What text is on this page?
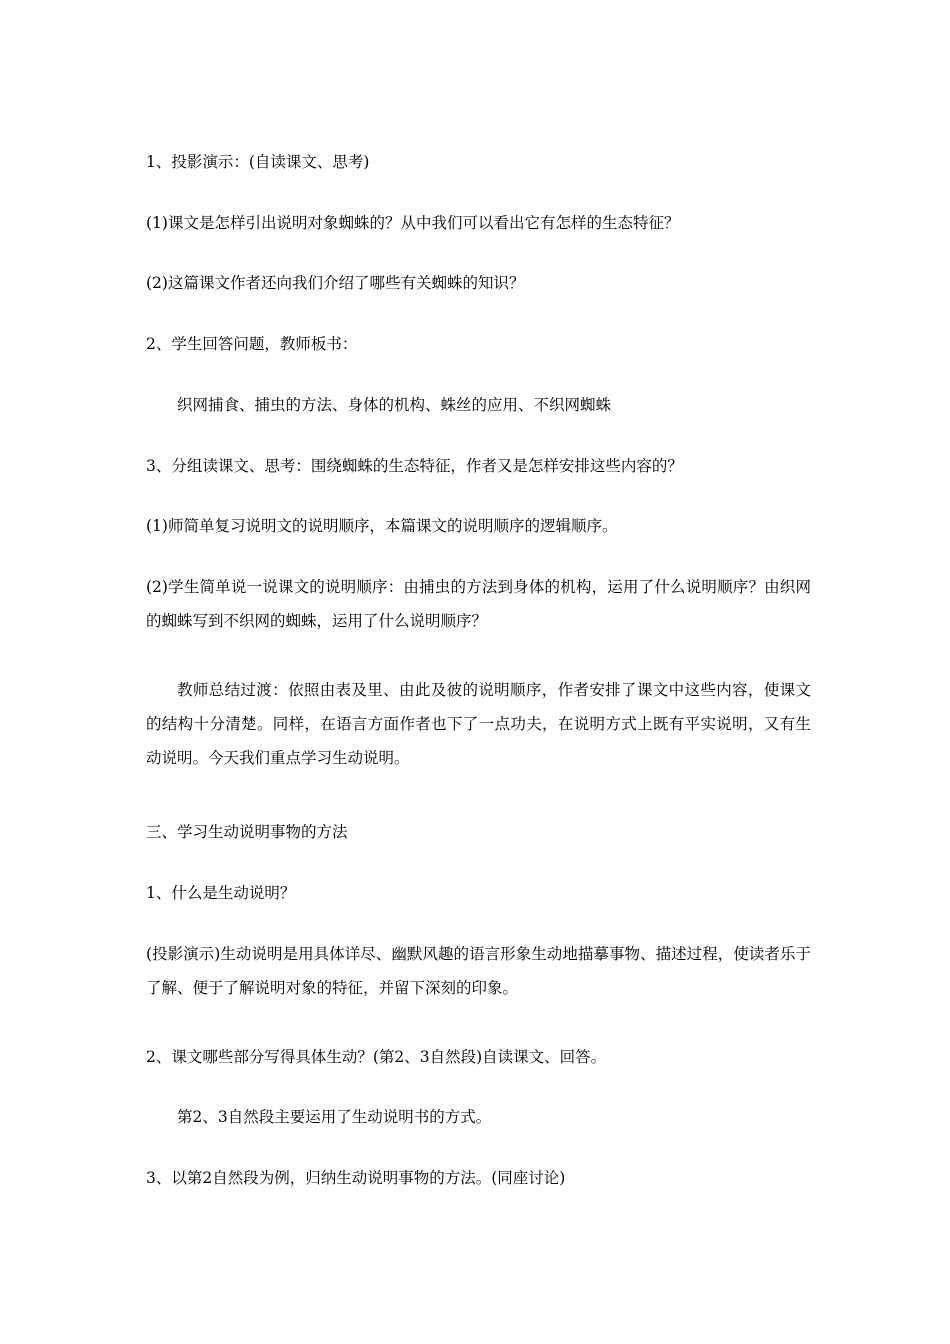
1、投影演示：(自读课文、思考)
(1)课文是怎样引出说明对象蜘蛛的？从中我们可以看出它有怎样的生态特征？
(2)这篇课文作者还向我们介绍了哪些有关蜘蛛的知识？
2、学生回答问题，教师板书：
织网捕食、捕虫的方法、身体的机构、蛛丝的应用、不织网蜘蛛
3、分组读课文、思考：围绕蜘蛛的生态特征，作者又是怎样安排这些内容的？
(1)师简单复习说明文的说明顺序，本篇课文的说明顺序的逻辑顺序。
(2)学生简单说一说课文的说明顺序：由捕虫的方法到身体的机构，运用了什么说明顺序？由织网的蜘蛛写到不织网的蜘蛛，运用了什么说明顺序？
教师总结过渡：依照由表及里、由此及彼的说明顺序，作者安排了课文中这些内容，使课文的结构十分清楚。同样，在语言方面作者也下了一点功夫，在说明方式上既有平实说明，又有生动说明。今天我们重点学习生动说明。
三、学习生动说明事物的方法
1、什么是生动说明？
(投影演示)生动说明是用具体详尽、幽默风趣的语言形象生动地描摹事物、描述过程，使读者乐于了解、便于了解说明对象的特征，并留下深刻的印象。
2、课文哪些部分写得具体生动？(第2、3自然段)自读课文、回答。
第2、3自然段主要运用了生动说明书的方式。
3、以第2自然段为例，归纳生动说明事物的方法。(同座讨论)
